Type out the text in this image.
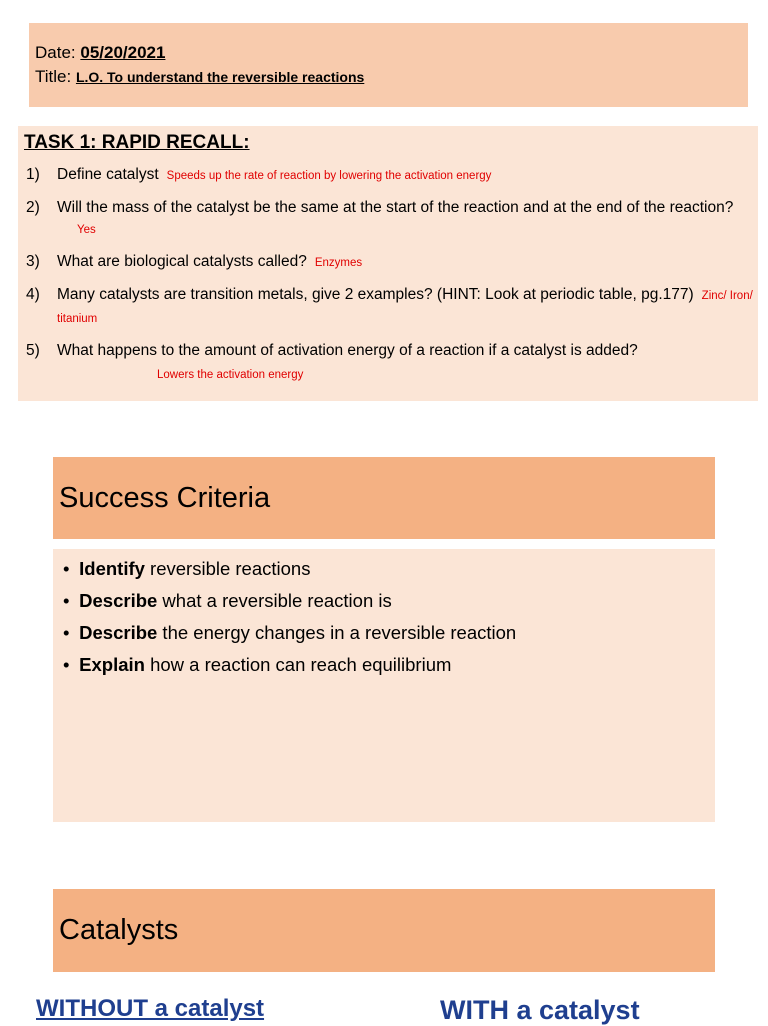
Date: 05/20/2021
Title: L.O. To understand the reversible reactions
TASK 1: RAPID RECALL:
1) Define catalyst Speeds up the rate of reaction by lowering the activation energy
2) Will the mass of the catalyst be the same at the start of the reaction and at the end of the reaction?Yes
3) What are biological catalysts called? Enzymes
4) Many catalysts are transition metals, give 2 examples? (HINT: Look at periodic table, pg.177) Zinc/ Iron/ titanium
5) What happens to the amount of activation energy of a reaction if a catalyst is added?
Lowers the activation energy
Success Criteria
• Identify reversible reactions
• Describe what a reversible reaction is
• Describe the energy changes in a reversible reaction
• Explain how a reaction can reach equilibrium
Catalysts
WITHOUT a catalyst	WITH a catalyst
